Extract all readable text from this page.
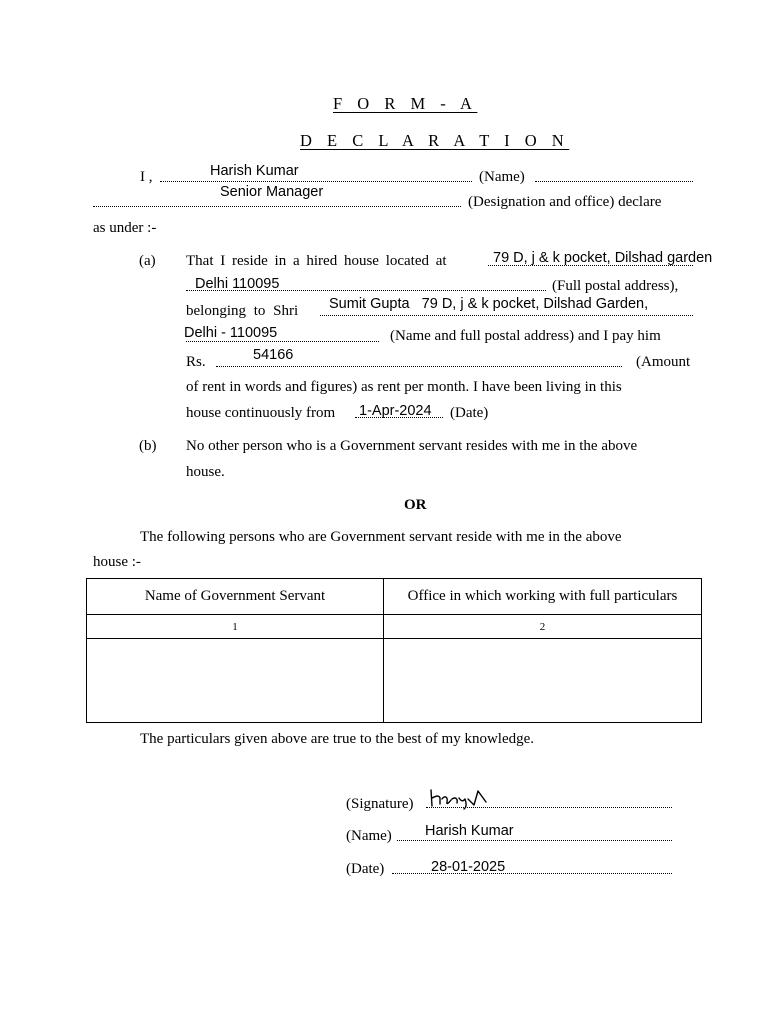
F O R M - A
D E C L A R A T I O N
I ,	Harish Kumar	(Name)
Senior Manager
(Designation and office) declare
as under :-
(a) That I reside in a hired house located at	79 D, j & k pocket, Dilshad garden
Delhi 110095	(Full postal address),
belonging to Shri Sumit Gupta   79 D, j & k pocket, Dilshad Garden,
Delhi - 110095	(Name and full postal address) and I pay him
Rs.	54166	(Amount
of rent in words and figures) as rent per month. I have been living in this
house continuously from 1-Apr-2024 (Date)
(b) No other person who is a Government servant resides with me in the above
house.
OR
The following persons who are Government servant reside with me in the above
house :-
Name of Government Servant	Office in which working with full particulars
1	2

The particulars given above are true to the best of my knowledge.
(Signature)
(Name) Harish Kumar
(Date)	28-01-2025
